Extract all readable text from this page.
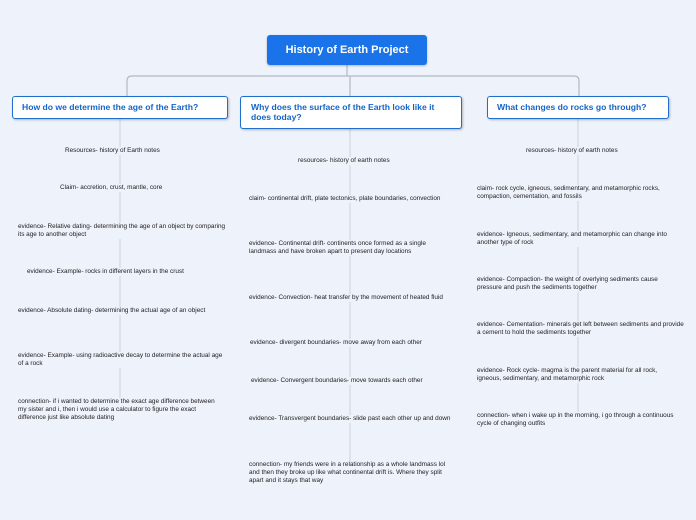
History of Earth Project
How do we determine the age of the Earth?	Why does the surface of the Earth look like it does today?
What changes do rocks go through?
Resources- history of Earth notes
Claim- accretion, crust, mantle, core
evidence- Relative dating- determining the age of an object by comparing its age to another object
evidence- Example- rocks in different layers in the crust
evidence- Absolute dating- determining the actual age of an object
evidence- Example- using radioactive decay to determine the actual age of a rock
connection- if i wanted to determine the exact age difference between my sister and i, then i would use a calculator to figure the exact difference just like absolute dating
resources- history of earth notes
claim- continental drift, plate tectonics, plate boundaries, convection
evidence- Continental drift- continents once formed as a single landmass and have broken apart to present day locations
evidence- Convection- heat transfer by the movement of heated fluid
evidence- divergent boundaries- move away from each other
evidence- Convergent boundaries- move towards each other
evidence- Transvergent boundaries- slide past each other up and down
connection- my friends were in a relationship as a whole landmass lol and then they broke up like what continental drift is. Where they split apart and it stays that way
resources- history of earth notes
claim- rock cycle, igneous, sedimentary, and metamorphic rocks, compaction, cementation, and fossils
evidence- Igneous, sedimentary, and metamorphic can change into another type of rock
evidence- Compaction- the weight of overlying sediments cause pressure and push the sediments together
evidence- Cementation- minerals get left between sediments and provide a cement to hold the sediments together
evidence- Rock cycle- magma is the parent material for all rock, igneous, sedimentary, and metamorphic rock
connection- when i wake up in the morning, i go through a continuous cycle of changing outfits
